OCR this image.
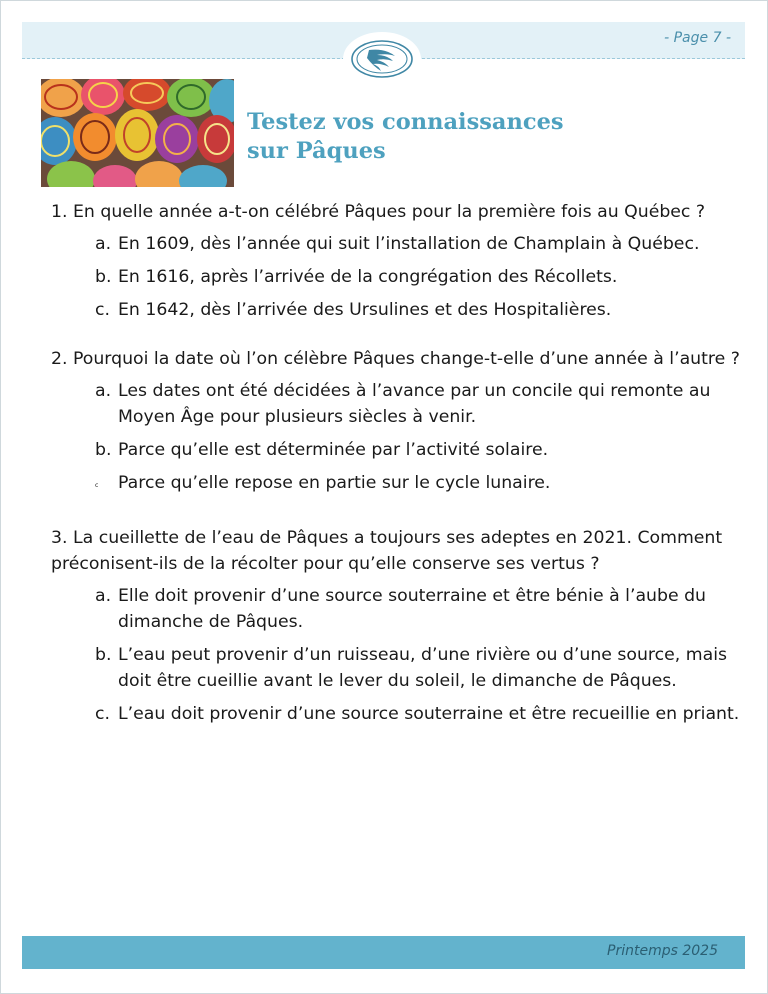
- Page 7 -
Testez vos connaissances
sur Pâques

1. En quelle année a-t-on célébré Pâques pour la première fois au Québec ?

a. En 1609, dès l’année qui suit l’installation de Champlain à Québec.
b. En 1616, après l’arrivée de la congrégation des Récollets.
c. En 1642, dès l’arrivée des Ursulines et des Hospitalières.

2. Pourquoi la date où l’on célèbre Pâques change-t-elle d’une année à l’autre ?

a. Les dates ont été décidées à l’avance par un concile qui remonte au Moyen Âge pour plusieurs siècles à venir.
b. Parce qu’elle est déterminée par l’activité solaire.
c	Parce qu’elle repose en partie sur le cycle lunaire.

3. La cueillette de l’eau de Pâques a toujours ses adeptes en 2021. Comment préconisent-ils de la récolter pour qu’elle conserve ses vertus ?

a. Elle doit provenir d’une source souterraine et être bénie à l’aube du dimanche de Pâques.
b. L’eau peut provenir d’un ruisseau, d’une rivière ou d’une source, mais doit être cueillie avant le lever du soleil, le dimanche de Pâques.
c. L’eau doit provenir d’une source souterraine et être recueillie en priant.
Printemps 2025
